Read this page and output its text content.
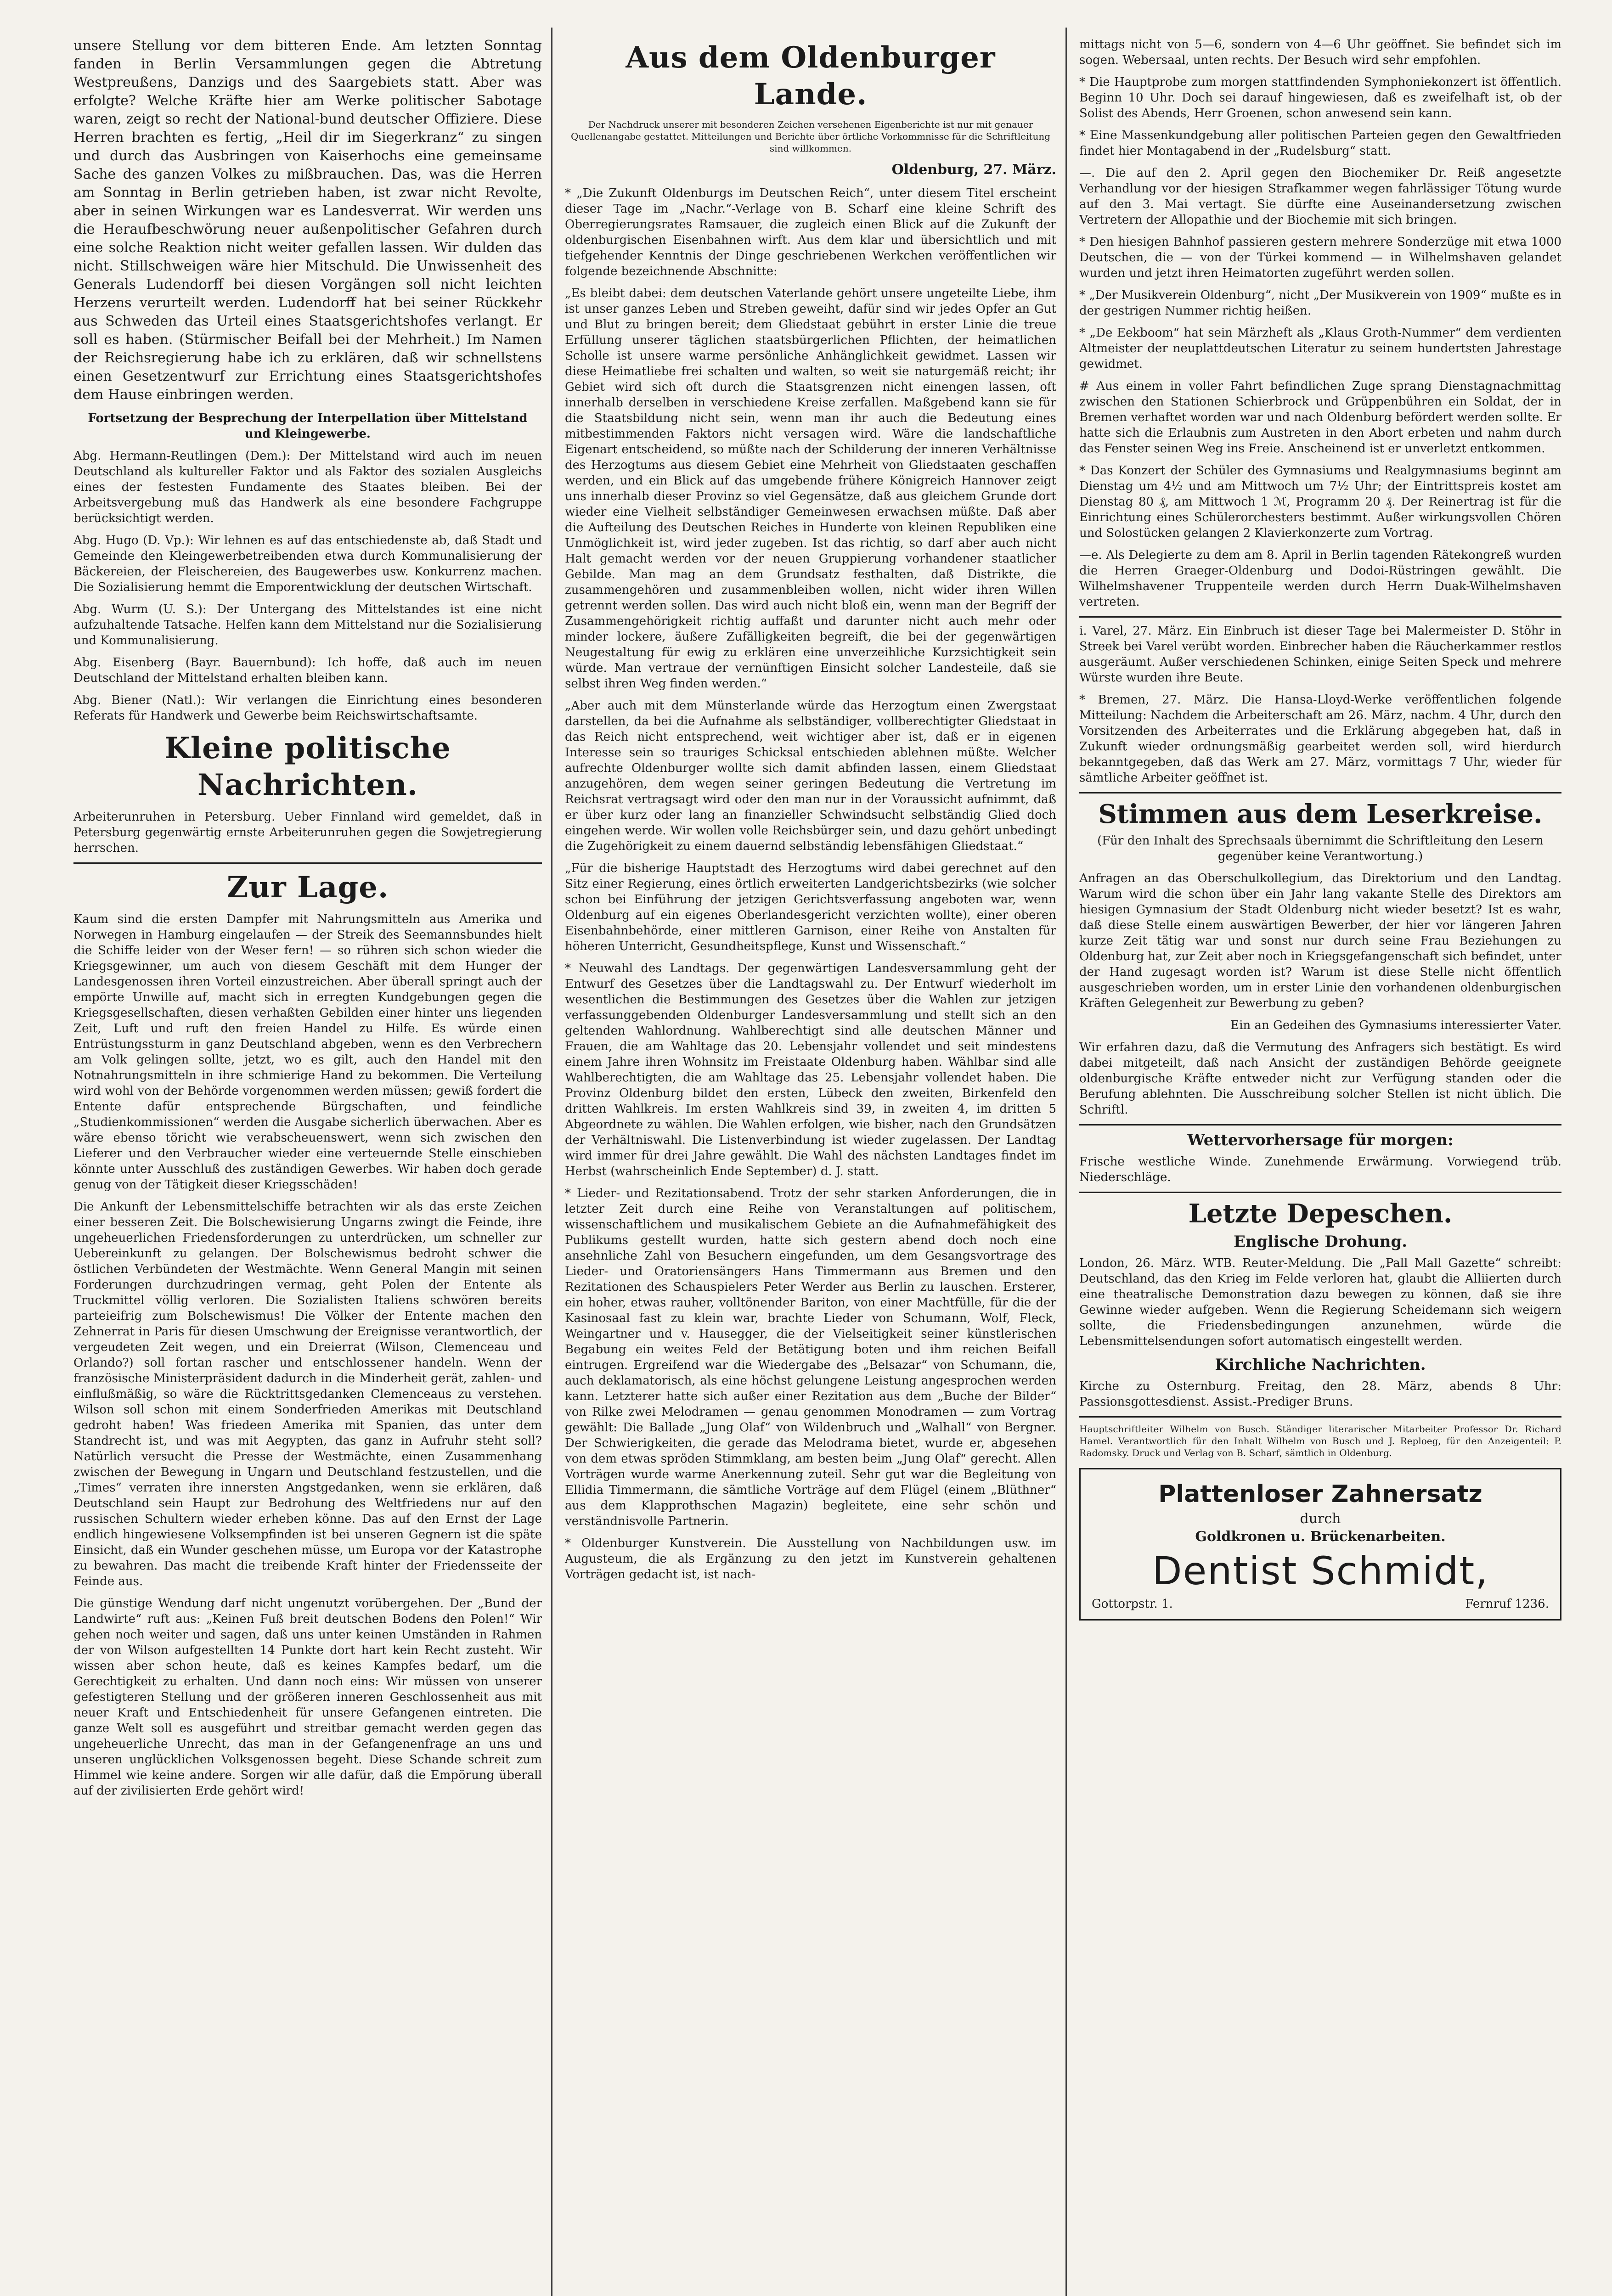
unsere Stellung vor dem bitteren Ende. Am letzten Sonntag fanden in Berlin Versammlungen gegen die Abtretung Westpreußens, Danzigs und des Saargebiets statt. Aber was erfolgte? Welche Kräfte hier am Werke politischer Sabotage waren, zeigt so recht der National-bund deutscher Offiziere. Diese Herren brachten es fertig, „Heil dir im Siegerkranz“ zu singen und durch das Ausbringen von Kaiserhochs eine gemeinsame Sache des ganzen Volkes zu mißbrauchen. Das, was die Herren am Sonntag in Berlin getrieben haben, ist zwar nicht Revolte, aber in seinen Wirkungen war es Landesverrat. Wir werden uns die Heraufbeschwörung neuer außenpolitischer Gefahren durch eine solche Reaktion nicht weiter gefallen lassen. Wir dulden das nicht. Stillschweigen wäre hier Mitschuld. Die Unwissenheit des Generals Ludendorff bei diesen Vorgängen soll nicht leichten Herzens verurteilt werden. Ludendorff hat bei seiner Rückkehr aus Schweden das Urteil eines Staatsgerichtshofes verlangt. Er soll es haben. (Stürmischer Beifall bei der Mehrheit.) Im Namen der Reichsregierung habe ich zu erklären, daß wir schnellstens einen Gesetzentwurf zur Errichtung eines Staatsgerichtshofes dem Hause einbringen werden.

Fortsetzung der Besprechung der Interpellation über Mittelstand und Kleingewerbe.

Abg. Hermann-Reutlingen (Dem.): Der Mittelstand wird auch im neuen Deutschland als kultureller Faktor und als Faktor des sozialen Ausgleichs eines der festesten Fundamente des Staates bleiben. Bei der Arbeitsvergebung muß das Handwerk als eine besondere Fachgruppe berücksichtigt werden.

Abg. Hugo (D. Vp.): Wir lehnen es auf das entschiedenste ab, daß Stadt und Gemeinde den Kleingewerbetreibenden etwa durch Kommunalisierung der Bäckereien, der Fleischereien, des Baugewerbes usw. Konkurrenz machen. Die Sozialisierung hemmt die Emporentwicklung der deutschen Wirtschaft.

Abg. Wurm (U. S.): Der Untergang des Mittelstandes ist eine nicht aufzuhaltende Tatsache. Helfen kann dem Mittelstand nur die Sozialisierung und Kommunalisierung.

Abg. Eisenberg (Bayr. Bauernbund): Ich hoffe, daß auch im neuen Deutschland der Mittelstand erhalten bleiben kann.

Abg. Biener (Natl.): Wir verlangen die Einrichtung eines besonderen Referats für Handwerk und Gewerbe beim Reichswirtschaftsamte.

Kleine politische Nachrichten.

Arbeiterunruhen in Petersburg. Ueber Finnland wird gemeldet, daß in Petersburg gegenwärtig ernste Arbeiterunruhen gegen die Sowjetregierung herrschen.

Zur Lage.

Kaum sind die ersten Dampfer mit Nahrungsmitteln aus Amerika und Norwegen in Hamburg eingelaufen — der Streik des Seemannsbundes hielt die Schiffe leider von der Weser fern! — so rühren sich schon wieder die Kriegsgewinner, um auch von diesem Geschäft mit dem Hunger der Landesgenossen ihren Vorteil einzustreichen. Aber überall springt auch der empörte Unwille auf, macht sich in erregten Kundgebungen gegen die Kriegsgesellschaften, diesen verhaßten Gebilden einer hinter uns liegenden Zeit, Luft und ruft den freien Handel zu Hilfe. Es würde einen Entrüstungssturm in ganz Deutschland abgeben, wenn es den Verbrechern am Volk gelingen sollte, jetzt, wo es gilt, auch den Handel mit den Notnahrungsmitteln in ihre schmierige Hand zu bekommen. Die Verteilung wird wohl von der Behörde vorgenommen werden müssen; gewiß fordert die Entente dafür entsprechende Bürgschaften, und feindliche „Studienkommissionen“ werden die Ausgabe sicherlich überwachen. Aber es wäre ebenso töricht wie verabscheuenswert, wenn sich zwischen den Lieferer und den Verbraucher wieder eine verteuernde Stelle einschieben könnte unter Ausschluß des zuständigen Gewerbes. Wir haben doch gerade genug von der Tätigkeit dieser Kriegsschäden!

Die Ankunft der Lebensmittelschiffe betrachten wir als das erste Zeichen einer besseren Zeit. Die Bolschewisierung Ungarns zwingt die Feinde, ihre ungeheuerlichen Friedensforderungen zu unterdrücken, um schneller zur Uebereinkunft zu gelangen. Der Bolschewismus bedroht schwer die östlichen Verbündeten der Westmächte. Wenn General Mangin mit seinen Forderungen durchzudringen vermag, geht Polen der Entente als Truckmittel völlig verloren. Die Sozialisten Italiens schwören bereits parteieifrig zum Bolschewismus! Die Völker der Entente machen den Zehnerrat in Paris für diesen Umschwung der Ereignisse verantwortlich, der vergeudeten Zeit wegen, und ein Dreierrat (Wilson, Clemenceau und Orlando?) soll fortan rascher und entschlossener handeln. Wenn der französische Ministerpräsident dadurch in die Minderheit gerät, zahlen- und einflußmäßig, so wäre die Rücktrittsgedanken Clemenceaus zu verstehen. Wilson soll schon mit einem Sonderfrieden Amerikas mit Deutschland gedroht haben! Was friedeen Amerika mit Spanien, das unter dem Standrecht ist, und was mit Aegypten, das ganz in Aufruhr steht soll? Natürlich versucht die Presse der Westmächte, einen Zusammenhang zwischen der Bewegung in Ungarn und Deutschland festzustellen, und die „Times“ verraten ihre innersten Angstgedanken, wenn sie erklären, daß Deutschland sein Haupt zur Bedrohung des Weltfriedens nur auf den russischen Schultern wieder erheben könne. Das auf den Ernst der Lage endlich hingewiesene Volksempfinden ist bei unseren Gegnern ist die späte Einsicht, daß ein Wunder geschehen müsse, um Europa vor der Katastrophe zu bewahren. Das macht die treibende Kraft hinter der Friedensseite der Feinde aus.

Die günstige Wendung darf nicht ungenutzt vorübergehen. Der „Bund der Landwirte“ ruft aus: „Keinen Fuß breit deutschen Bodens den Polen!“ Wir gehen noch weiter und sagen, daß uns unter keinen Umständen in Rahmen der von Wilson aufgestellten 14 Punkte dort hart kein Recht zusteht. Wir wissen aber schon heute, daß es keines Kampfes bedarf, um die Gerechtigkeit zu erhalten. Und dann noch eins: Wir müssen von unserer gefestigteren Stellung und der größeren inneren Geschlossenheit aus mit neuer Kraft und Entschiedenheit für unsere Gefangenen eintreten. Die ganze Welt soll es ausgeführt und streitbar gemacht werden gegen das ungeheuerliche Unrecht, das man in der Gefangenenfrage an uns und unseren unglücklichen Volksgenossen begeht. Diese Schande schreit zum Himmel wie keine andere. Sorgen wir alle dafür, daß die Empörung überall auf der zivilisierten Erde gehört wird!

Aus dem Oldenburger Lande.

Der Nachdruck unserer mit besonderen Zeichen versehenen Eigenberichte ist nur mit genauer Quellenangabe gestattet. Mitteilungen und Berichte über örtliche Vorkommnisse für die Schriftleitung sind willkommen.

Oldenburg, 27. März.

* „Die Zukunft Oldenburgs im Deutschen Reich“, unter diesem Titel erscheint dieser Tage im „Nachr.“-Verlage von B. Scharf eine kleine Schrift des Oberregierungsrates Ramsauer, die zugleich einen Blick auf die Zukunft der oldenburgischen Eisenbahnen wirft. Aus dem klar und übersichtlich und mit tiefgehender Kenntnis der Dinge geschriebenen Werkchen veröffentlichen wir folgende bezeichnende Abschnitte:

„Es bleibt dabei: dem deutschen Vaterlande gehört unsere ungeteilte Liebe, ihm ist unser ganzes Leben und Streben geweiht, dafür sind wir jedes Opfer an Gut und Blut zu bringen bereit; dem Gliedstaat gebührt in erster Linie die treue Erfüllung unserer täglichen staatsbürgerlichen Pflichten, der heimatlichen Scholle ist unsere warme persönliche Anhänglichkeit gewidmet. Lassen wir diese Heimatliebe frei schalten und walten, so weit sie naturgemäß reicht; ihr Gebiet wird sich oft durch die Staatsgrenzen nicht einengen lassen, oft innerhalb derselben in verschiedene Kreise zerfallen. Maßgebend kann sie für die Staatsbildung nicht sein, wenn man ihr auch die Bedeutung eines mitbestimmenden Faktors nicht versagen wird. Wäre die landschaftliche Eigenart entscheidend, so müßte nach der Schilderung der inneren Verhältnisse des Herzogtums aus diesem Gebiet eine Mehrheit von Gliedstaaten geschaffen werden, und ein Blick auf das umgebende frühere Königreich Hannover zeigt uns innerhalb dieser Provinz so viel Gegensätze, daß aus gleichem Grunde dort wieder eine Vielheit selbständiger Gemeinwesen erwachsen müßte. Daß aber die Aufteilung des Deutschen Reiches in Hunderte von kleinen Republiken eine Unmöglichkeit ist, wird jeder zugeben. Ist das richtig, so darf aber auch nicht Halt gemacht werden vor der neuen Gruppierung vorhandener staatlicher Gebilde. Man mag an dem Grundsatz festhalten, daß Distrikte, die zusammengehören und zusammenbleiben wollen, nicht wider ihren Willen getrennt werden sollen. Das wird auch nicht bloß ein, wenn man der Begriff der Zusammengehörigkeit richtig auffaßt und darunter nicht auch mehr oder minder lockere, äußere Zufälligkeiten begreift, die bei der gegenwärtigen Neugestaltung für ewig zu erklären eine unverzeihliche Kurzsichtigkeit sein würde. Man vertraue der vernünftigen Einsicht solcher Landesteile, daß sie selbst ihren Weg finden werden.“

„Aber auch mit dem Münsterlande würde das Herzogtum einen Zwergstaat darstellen, da bei die Aufnahme als selbständiger, vollberechtigter Gliedstaat in das Reich nicht entsprechend, weit wichtiger aber ist, daß er in eigenen Interesse sein so trauriges Schicksal entschieden ablehnen müßte. Welcher aufrechte Oldenburger wollte sich damit abfinden lassen, einem Gliedstaat anzugehören, dem wegen seiner geringen Bedeutung die Vertretung im Reichsrat vertragsagt wird oder den man nur in der Voraussicht aufnimmt, daß er über kurz oder lang an finanzieller Schwindsucht selbständig Glied doch eingehen werde. Wir wollen volle Reichsbürger sein, und dazu gehört unbedingt die Zugehörigkeit zu einem dauernd selbständig lebensfähigen Gliedstaat.“

„Für die bisherige Hauptstadt des Herzogtums wird dabei gerechnet auf den Sitz einer Regierung, eines örtlich erweiterten Landgerichtsbezirks (wie solcher schon bei Einführung der jetzigen Gerichtsverfassung angeboten war, wenn Oldenburg auf ein eigenes Oberlandesgericht verzichten wollte), einer oberen Eisenbahnbehörde, einer mittleren Garnison, einer Reihe von Anstalten für höheren Unterricht, Gesundheitspflege, Kunst und Wissenschaft.“

* Neuwahl des Landtags. Der gegenwärtigen Landesversammlung geht der Entwurf des Gesetzes über die Landtagswahl zu. Der Entwurf wiederholt im wesentlichen die Bestimmungen des Gesetzes über die Wahlen zur jetzigen verfassunggebenden Oldenburger Landesversammlung und stellt sich an den geltenden Wahlordnung. Wahlberechtigt sind alle deutschen Männer und Frauen, die am Wahltage das 20. Lebensjahr vollendet und seit mindestens einem Jahre ihren Wohnsitz im Freistaate Oldenburg haben. Wählbar sind alle Wahlberechtigten, die am Wahltage das 25. Lebensjahr vollendet haben. Die Provinz Oldenburg bildet den ersten, Lübeck den zweiten, Birkenfeld den dritten Wahlkreis. Im ersten Wahlkreis sind 39, in zweiten 4, im dritten 5 Abgeordnete zu wählen. Die Wahlen erfolgen, wie bisher, nach den Grundsätzen der Verhältniswahl. Die Listenverbindung ist wieder zugelassen. Der Landtag wird immer für drei Jahre gewählt. Die Wahl des nächsten Landtages findet im Herbst (wahrscheinlich Ende September) d. J. statt.

* Lieder- und Rezitationsabend. Trotz der sehr starken Anforderungen, die in letzter Zeit durch eine Reihe von Veranstaltungen auf politischem, wissenschaftlichem und musikalischem Gebiete an die Aufnahmefähigkeit des Publikums gestellt wurden, hatte sich gestern abend doch noch eine ansehnliche Zahl von Besuchern eingefunden, um dem Gesangsvortrage des Lieder- und Oratoriensängers Hans Timmermann aus Bremen und den Rezitationen des Schauspielers Peter Werder aus Berlin zu lauschen. Ersterer, ein hoher, etwas rauher, volltönender Bariton, von einer Machtfülle, für die der Kasinosaal fast zu klein war, brachte Lieder von Schumann, Wolf, Fleck, Weingartner und v. Hausegger, die der Vielseitigkeit seiner künstlerischen Begabung ein weites Feld der Betätigung boten und ihm reichen Beifall eintrugen. Ergreifend war die Wiedergabe des „Belsazar“ von Schumann, die, auch deklamatorisch, als eine höchst gelungene Leistung angesprochen werden kann. Letzterer hatte sich außer einer Rezitation aus dem „Buche der Bilder“ von Rilke zwei Melodramen — genau genommen Monodramen — zum Vortrag gewählt: Die Ballade „Jung Olaf“ von Wildenbruch und „Walhall“ von Bergner. Der Schwierigkeiten, die gerade das Melodrama bietet, wurde er, abgesehen von dem etwas spröden Stimmklang, am besten beim „Jung Olaf“ gerecht. Allen Vorträgen wurde warme Anerkennung zuteil. Sehr gut war die Begleitung von Ellidia Timmermann, die sämtliche Vorträge auf dem Flügel (einem „Blüthner“ aus dem Klapprothschen Magazin) begleitete, eine sehr schön und verständnisvolle Partnerin.

* Oldenburger Kunstverein. Die Ausstellung von Nachbildungen usw. im Augusteum, die als Ergänzung zu den jetzt im Kunstverein gehaltenen Vorträgen gedacht ist, ist nach-

mittags nicht von 5—6, sondern von 4—6 Uhr geöffnet. Sie befindet sich im sogen. Webersaal, unten rechts. Der Besuch wird sehr empfohlen.

* Die Hauptprobe zum morgen stattfindenden Symphoniekonzert ist öffentlich. Beginn 10 Uhr. Doch sei darauf hingewiesen, daß es zweifelhaft ist, ob der Solist des Abends, Herr Groenen, schon anwesend sein kann.

* Eine Massenkundgebung aller politischen Parteien gegen den Gewaltfrieden findet hier Montagabend in der „Rudelsburg“ statt.

—. Die auf den 2. April gegen den Biochemiker Dr. Reiß angesetzte Verhandlung vor der hiesigen Strafkammer wegen fahrlässiger Tötung wurde auf den 3. Mai vertagt. Sie dürfte eine Auseinandersetzung zwischen Vertretern der Allopathie und der Biochemie mit sich bringen.

* Den hiesigen Bahnhof passieren gestern mehrere Sonderzüge mit etwa 1000 Deutschen, die — von der Türkei kommend — in Wilhelmshaven gelandet wurden und jetzt ihren Heimatorten zugeführt werden sollen.

* „Der Musikverein Oldenburg“, nicht „Der Musikverein von 1909“ mußte es in der gestrigen Nummer richtig heißen.

* „De Eekboom“ hat sein Märzheft als „Klaus Groth-Nummer“ dem verdienten Altmeister der neuplattdeutschen Literatur zu seinem hundertsten Jahrestage gewidmet.

# Aus einem in voller Fahrt befindlichen Zuge sprang Dienstagnachmittag zwischen den Stationen Schierbrock und Grüppenbühren ein Soldat, der in Bremen verhaftet worden war und nach Oldenburg befördert werden sollte. Er hatte sich die Erlaubnis zum Austreten in den Abort erbeten und nahm durch das Fenster seinen Weg ins Freie. Anscheinend ist er unverletzt entkommen.

* Das Konzert der Schüler des Gymnasiums und Realgymnasiums beginnt am Dienstag um 4½ und am Mittwoch um 7½ Uhr; der Eintrittspreis kostet am Dienstag 80 ₰, am Mittwoch 1 ℳ, Programm 20 ₰. Der Reinertrag ist für die Einrichtung eines Schülerorchesters bestimmt. Außer wirkungsvollen Chören und Solostücken gelangen 2 Klavierkonzerte zum Vortrag.

—e. Als Delegierte zu dem am 8. April in Berlin tagenden Rätekongreß wurden die Herren Graeger-Oldenburg und Dodoi-Rüstringen gewählt. Die Wilhelmshavener Truppenteile werden durch Herrn Duak-Wilhelmshaven vertreten.

i. Varel, 27. März. Ein Einbruch ist dieser Tage bei Malermeister D. Stöhr in Streek bei Varel verübt worden. Einbrecher haben die Räucherkammer restlos ausgeräumt. Außer verschiedenen Schinken, einige Seiten Speck und mehrere Würste wurden ihre Beute.

* Bremen, 27. März. Die Hansa-Lloyd-Werke veröffentlichen folgende Mitteilung: Nachdem die Arbeiterschaft am 26. März, nachm. 4 Uhr, durch den Vorsitzenden des Arbeiterrates und die Erklärung abgegeben hat, daß in Zukunft wieder ordnungsmäßig gearbeitet werden soll, wird hierdurch bekanntgegeben, daß das Werk am 27. März, vormittags 7 Uhr, wieder für sämtliche Arbeiter geöffnet ist.

Stimmen aus dem Leserkreise.

(Für den Inhalt des Sprechsaals übernimmt die Schriftleitung den Lesern gegenüber keine Verantwortung.)

Anfragen an das Oberschulkollegium, das Direktorium und den Landtag. Warum wird die schon über ein Jahr lang vakante Stelle des Direktors am hiesigen Gymnasium der Stadt Oldenburg nicht wieder besetzt? Ist es wahr, daß diese Stelle einem auswärtigen Bewerber, der hier vor längeren Jahren kurze Zeit tätig war und sonst nur durch seine Frau Beziehungen zu Oldenburg hat, zur Zeit aber noch in Kriegsgefangenschaft sich befindet, unter der Hand zugesagt worden ist? Warum ist diese Stelle nicht öffentlich ausgeschrieben worden, um in erster Linie den vorhandenen oldenburgischen Kräften Gelegenheit zur Bewerbung zu geben?

Ein an Gedeihen des Gymnasiums interessierter Vater.

Wir erfahren dazu, daß die Vermutung des Anfragers sich bestätigt. Es wird dabei mitgeteilt, daß nach Ansicht der zuständigen Behörde geeignete oldenburgische Kräfte entweder nicht zur Verfügung standen oder die Berufung ablehnten. Die Ausschreibung solcher Stellen ist nicht üblich. Die Schriftl.

Wettervorhersage für morgen:

Frische westliche Winde. Zunehmende Erwärmung. Vorwiegend trüb. Niederschläge.

Letzte Depeschen.
Englische Drohung.

London, 26. März. WTB. Reuter-Meldung. Die „Pall Mall Gazette“ schreibt: Deutschland, das den Krieg im Felde verloren hat, glaubt die Alliierten durch eine theatralische Demonstration dazu bewegen zu können, daß sie ihre Gewinne wieder aufgeben. Wenn die Regierung Scheidemann sich weigern sollte, die Friedensbedingungen anzunehmen, würde die Lebensmittelsendungen sofort automatisch eingestellt werden.

Kirchliche Nachrichten.

Kirche zu Osternburg. Freitag, den 28. März, abends 8 Uhr: Passionsgottesdienst. Assist.-Prediger Bruns.

Hauptschriftleiter Wilhelm von Busch. Ständiger literarischer Mitarbeiter Professor Dr. Richard Hamel. Verantwortlich für den Inhalt Wilhelm von Busch und J. Reploeg, für den Anzeigenteil: P. Radomsky. Druck und Verlag von B. Scharf, sämtlich in Oldenburg.

Plattenloser Zahnersatz
durch
Goldkronen u. Brückenarbeiten.
Dentist Schmidt,
Gottorpstr. 1.	Fernruf 1236.
